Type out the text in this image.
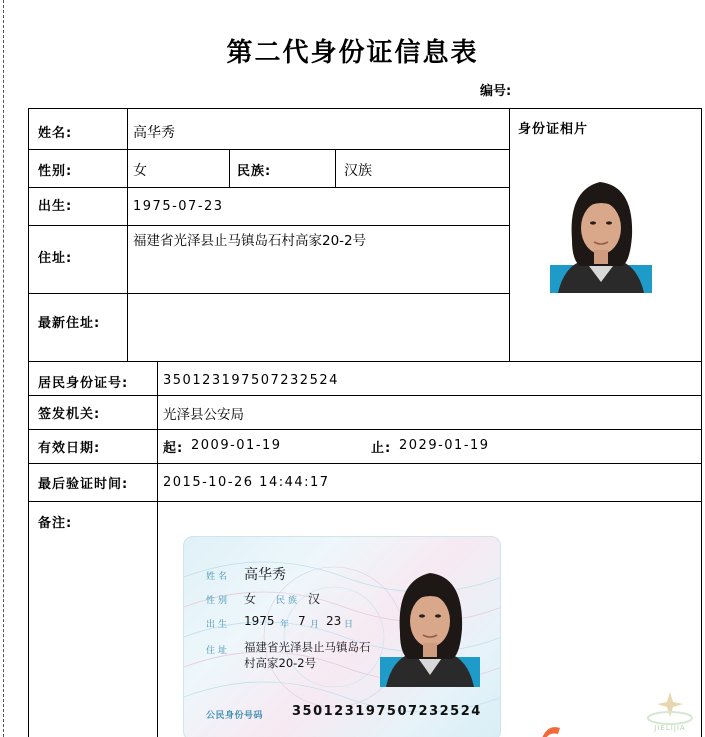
第二代身份证信息表
编号:
姓名:	高华秀	身份证相片
性别:	女	民族:	汉族
出生:	1975-07-23
住址:
福建省光泽县止马镇岛石村高家20-2号
最新住址:
居民身份证号:	350123197507232524
签发机关:	光泽县公安局
有效日期:	起: 2009-01-19	止: 2029-01-19
最后验证时间:	2015-10-26 14:44:17
备注:
姓名 高华秀
性别 女 民族 汉
出生 1975 年 7 月 23 日
住址 福建省光泽县止马镇岛石
村高家20-2号
公民身份号码 350123197507232524
JIELIJIA
